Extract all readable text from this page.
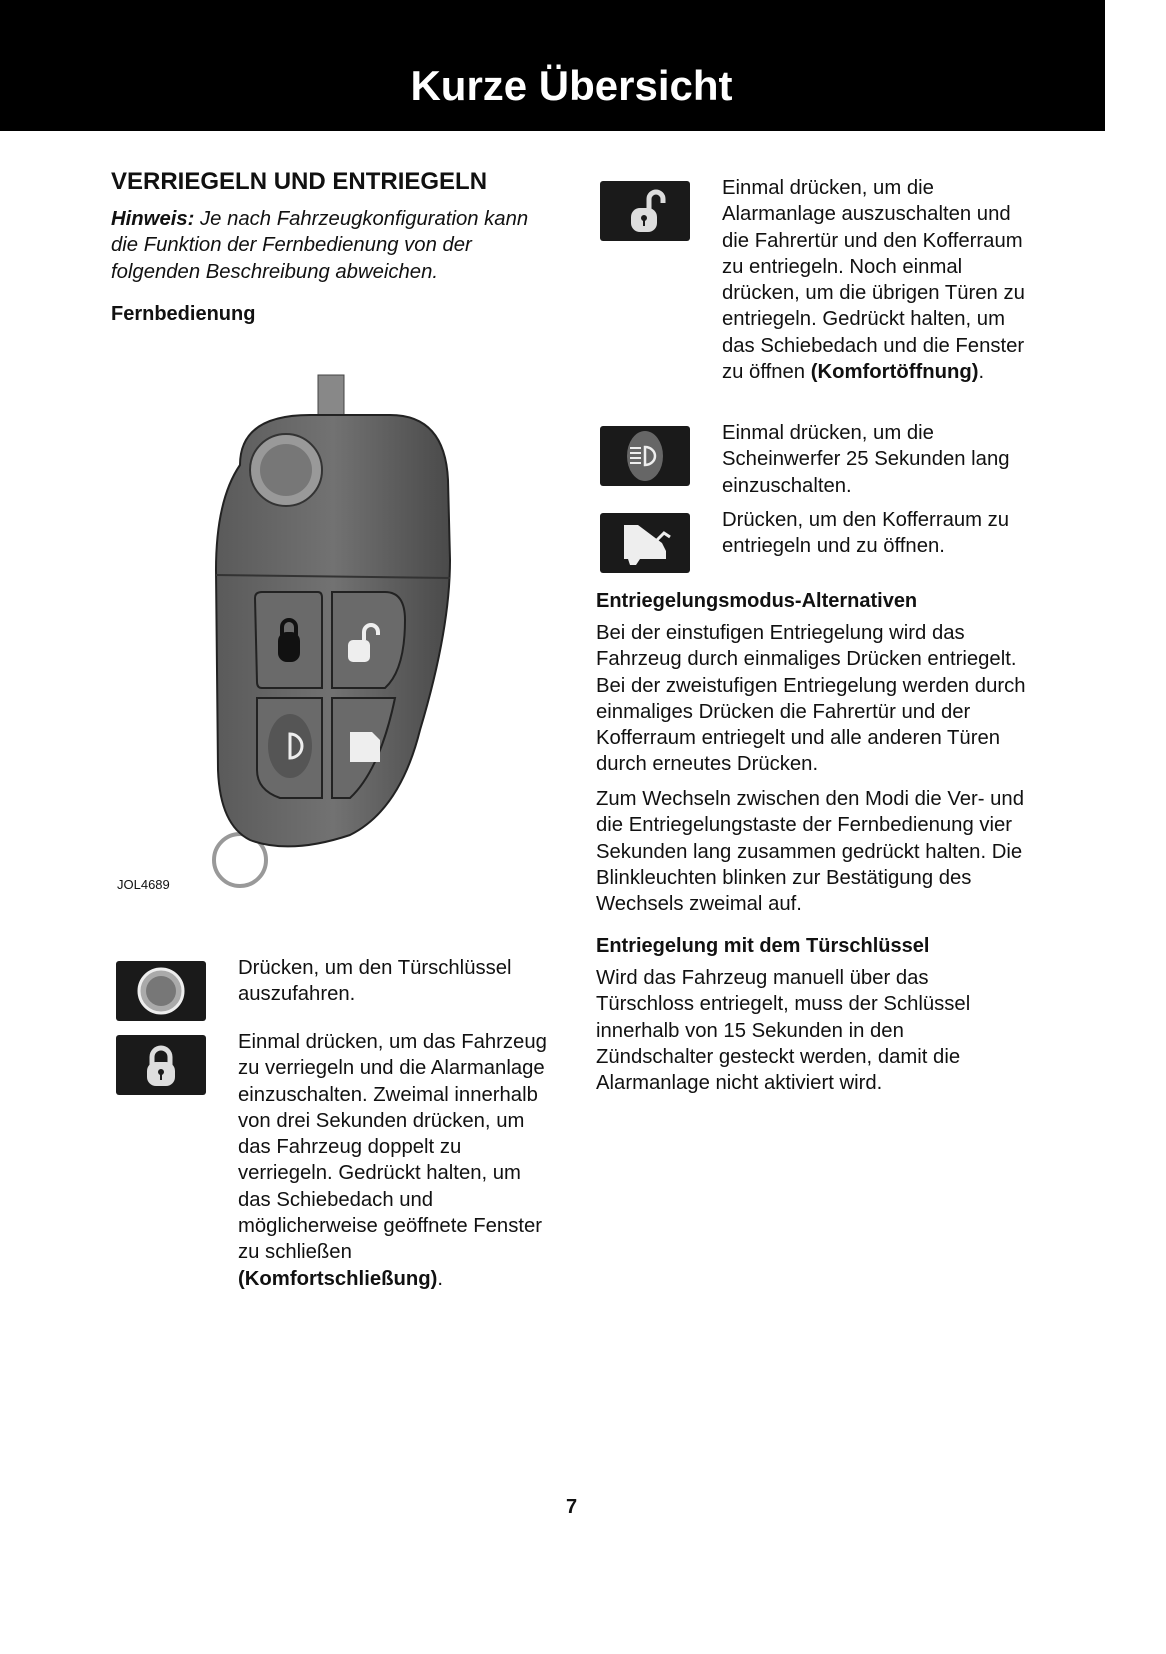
Kurze Übersicht
VERRIEGELN UND ENTRIEGELN

Hinweis: Je nach Fahrzeugkonfiguration kann die Funktion der Fernbedienung von der folgenden Beschreibung abweichen.

Fernbedienung
JOL4689

Drücken, um den Türschlüssel auszufahren.

Einmal drücken, um das Fahrzeug zu verriegeln und die Alarmanlage einzuschalten. Zweimal innerhalb von drei Sekunden drücken, um das Fahrzeug doppelt zu verriegeln. Gedrückt halten, um das Schiebedach und möglicherweise geöffnete Fenster zu schließen (Komfortschließung).

Einmal drücken, um die Alarmanlage auszuschalten und die Fahrertür und den Kofferraum zu entriegeln. Noch einmal drücken, um die übrigen Türen zu entriegeln. Gedrückt halten, um das Schiebedach und die Fenster zu öffnen (Komfortöffnung).

Einmal drücken, um die Scheinwerfer 25 Sekunden lang einzuschalten.

Drücken, um den Kofferraum zu entriegeln und zu öffnen.

Entriegelungsmodus-Alternativen

Bei der einstufigen Entriegelung wird das Fahrzeug durch einmaliges Drücken entriegelt. Bei der zweistufigen Entriegelung werden durch einmaliges Drücken die Fahrertür und der Kofferraum entriegelt und alle anderen Türen durch erneutes Drücken.

Zum Wechseln zwischen den Modi die Ver- und die Entriegelungstaste der Fernbedienung vier Sekunden lang zusammen gedrückt halten. Die Blinkleuchten blinken zur Bestätigung des Wechsels zweimal auf.

Entriegelung mit dem Türschlüssel

Wird das Fahrzeug manuell über das Türschloss entriegelt, muss der Schlüssel innerhalb von 15 Sekunden in den Zündschalter gesteckt werden, damit die Alarmanlage nicht aktiviert wird.

7
